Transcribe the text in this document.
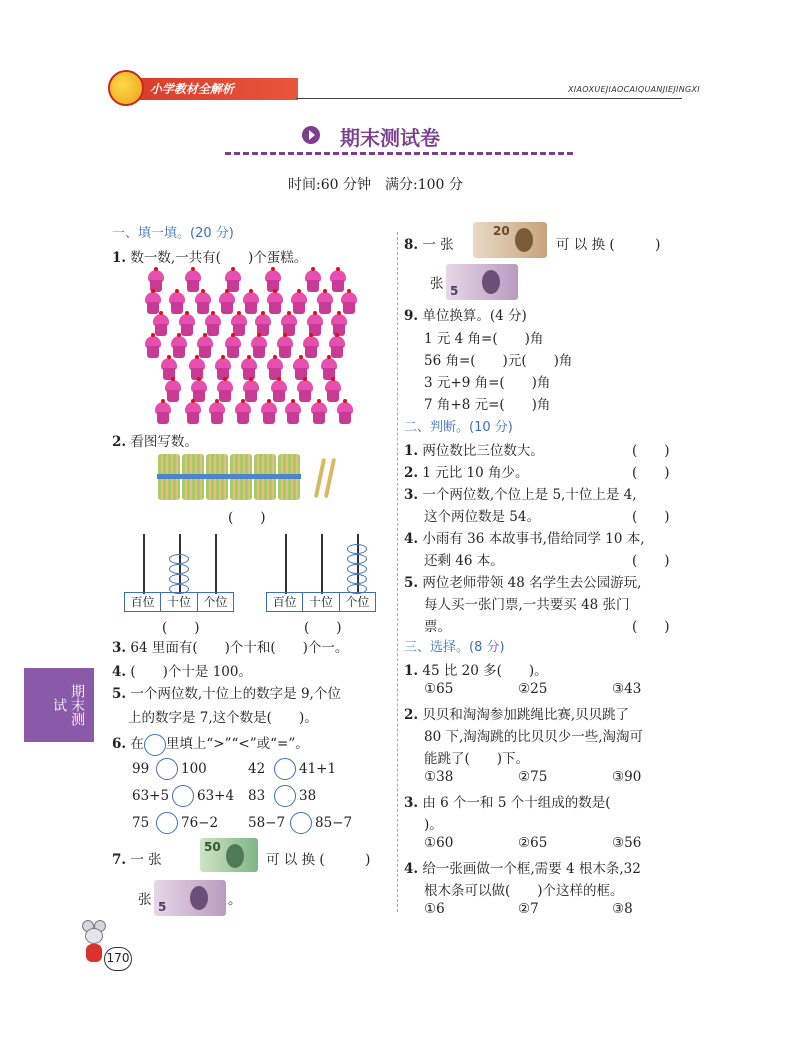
小学教材全解析	XIAOXUEJIAOCAIQUANJIEJINGXI
期末测试卷
时间:60 分钟　满分:100 分
期末测试
一、填一填。(20 分)
1. 数一数,一共有(　　)个蛋糕。
2. 看图写数。
(　　)
百位	十位	个位
(　　)
百位	十位	个位
(　　)
3. 64 里面有(　　)个十和(　　)个一。
4. (　　)个十是 100。
5. 一个两位数,十位上的数字是 9,个位
上的数字是 7,这个数是(　　)。
6. 在 里填上“>”“<”或“=”。
99 100	42	41+1
63+5 63+4 83	38
75 76−2 58−7 85−7
7. 一 张
50
可 以 换 (　　　)
张 5	。
170
8. 一 张
20
可 以 换 (　　　)
张 5
9. 单位换算。(4 分)
1 元 4 角=(　　)角
56 角=(　　)元(　　)角
3 元+9 角=(　　)角
7 角+8 元=(　　)角
二、判断。(10 分)
1. 两位数比三位数大。	(　　)
2. 1 元比 10 角少。	(　　)
3. 一个两位数,个位上是 5,十位上是 4,
这个两位数是 54。	(　　)
4. 小雨有 36 本故事书,借给同学 10 本,
还剩 46 本。	(　　)
5. 两位老师带领 48 名学生去公园游玩,
每人买一张门票,一共要买 48 张门
票。	(　　)
三、选择。(8 分)
1. 45 比 20 多(　　)。
①65	②25	③43
2. 贝贝和淘淘参加跳绳比赛,贝贝跳了
80 下,淘淘跳的比贝贝少一些,淘淘可
能跳了(　　)下。
①38	②75	③90
3. 由 6 个一和 5 个十组成的数是(
)。
①60	②65	③56
4. 给一张画做一个框,需要 4 根木条,32
根木条可以做(　　)个这样的框。
①6	②7	③8
